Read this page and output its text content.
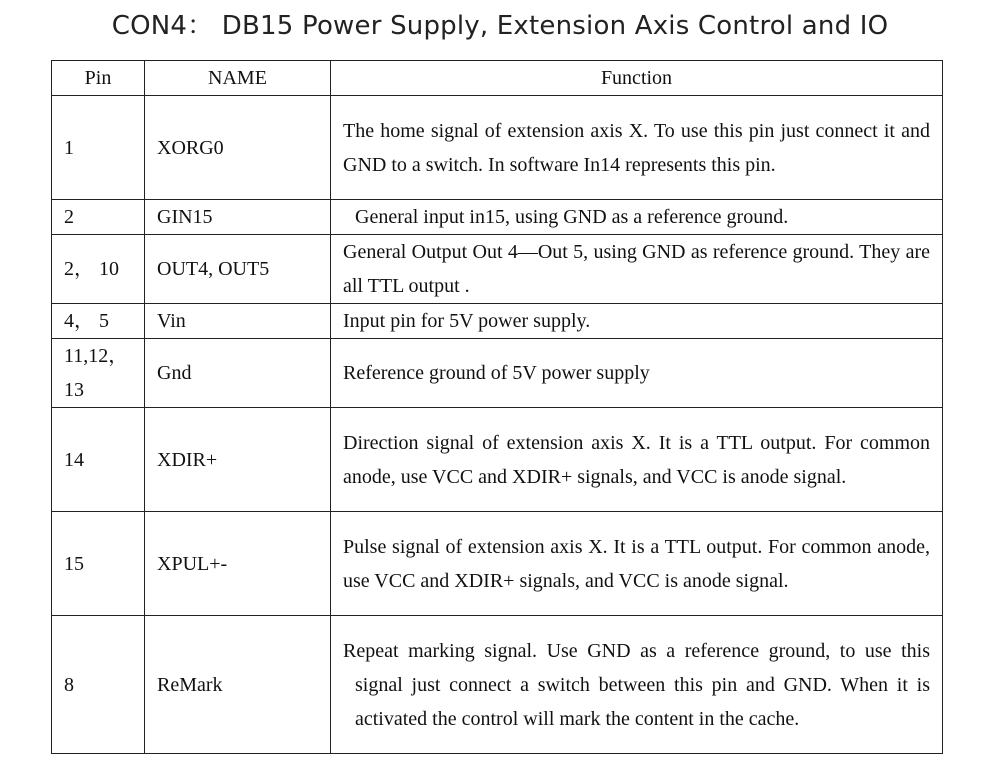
CON4： DB15 Power Supply, Extension Axis Control and IO
Pin	NAME	Function
1	XORG0	The home signal of extension axis X. To use this pin just connect it and GND to a switch. In software In14 represents this pin.
2	GIN15	General input in15, using GND as a reference ground.
2， 10	OUT4, OUT5	General Output Out 4—Out 5, using GND as reference ground. They are all TTL output .
4， 5	Vin	Input pin for 5V power supply.
11,12，13	Gnd	Reference ground of 5V power supply
14	XDIR+	Direction signal of extension axis X. It is a TTL output. For common anode, use VCC and XDIR+ signals, and VCC is anode signal.
15	XPUL+-	Pulse signal of extension axis X. It is a TTL output. For common anode, use VCC and XDIR+ signals, and VCC is anode signal.
8	ReMark	Repeat marking signal. Use GND as a reference ground, to use this signal just connect a switch between this pin and GND. When it is activated the control will mark the content in the cache.
